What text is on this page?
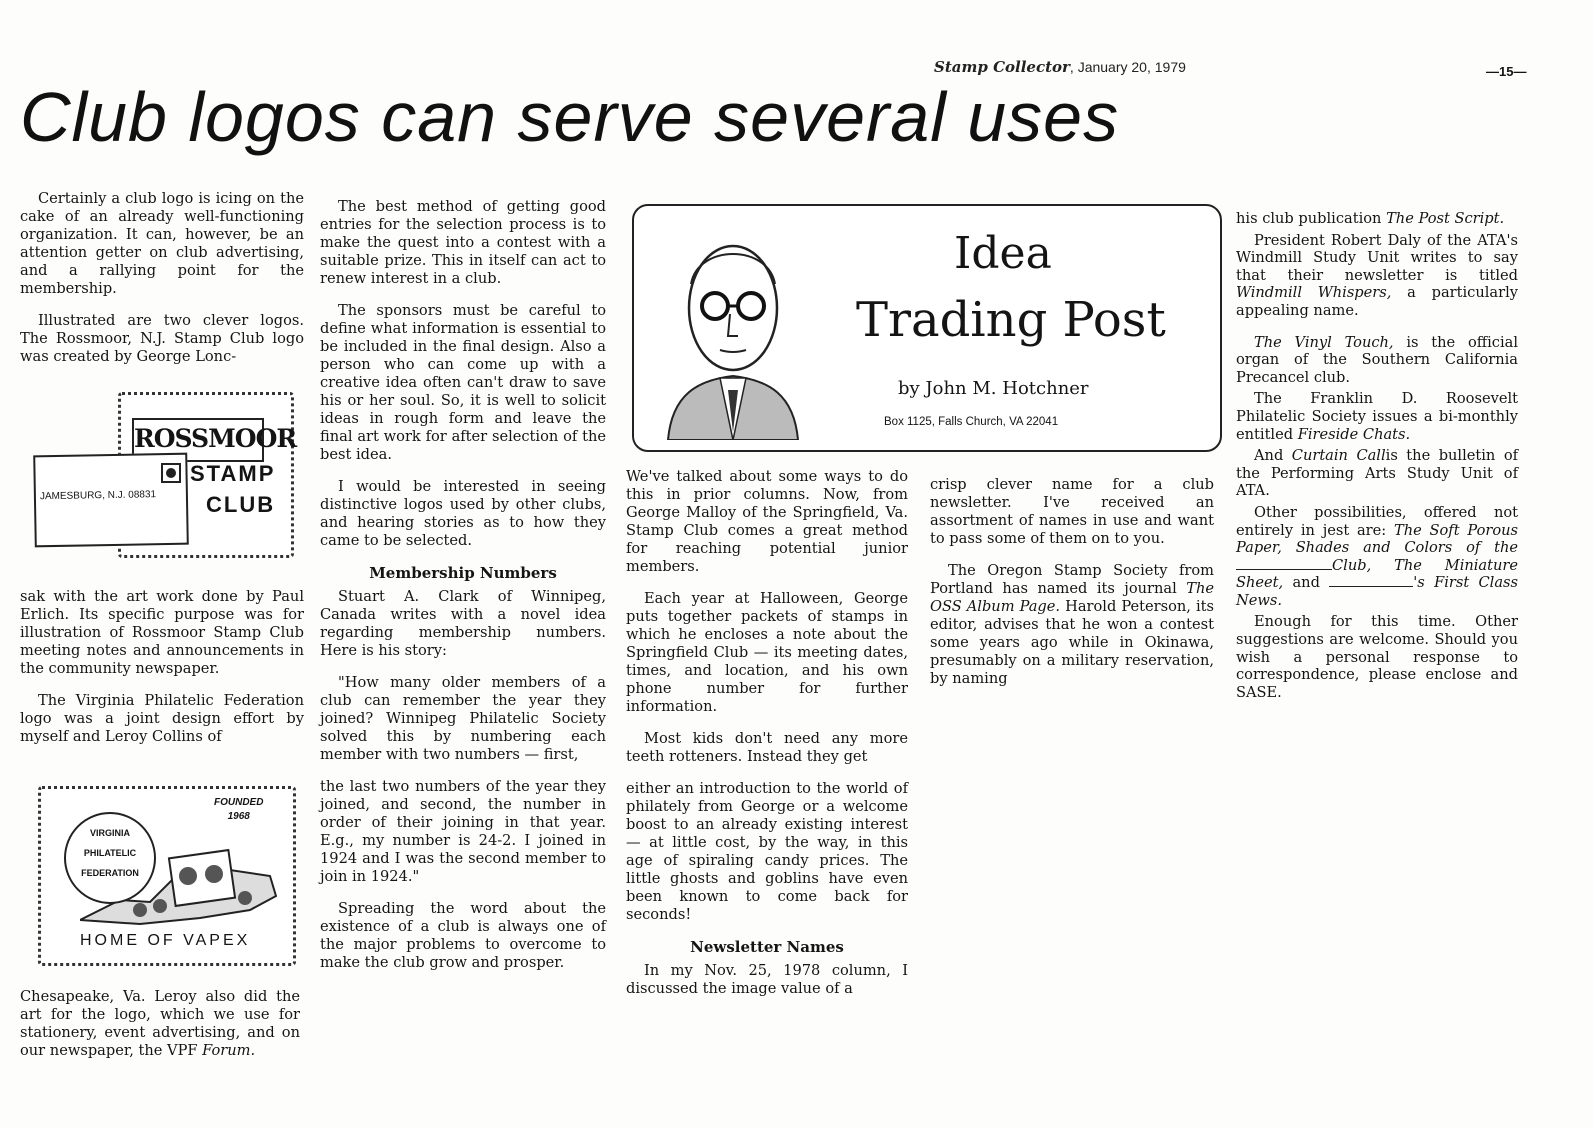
Stamp Collector, January 20, 1979	—15—
Club logos can serve several uses

Certainly a club logo is icing on the cake of an already well-functioning organization. It can, however, be an attention getter on club advertising, and a rallying point for the membership.

Illustrated are two clever logos. The Rossmoor, N.J. Stamp Club logo was created by George Lonc-

ROSSMOOR
JAMESBURG, N.J. 08831
STAMP
CLUB

sak with the art work done by Paul Erlich. Its specific purpose was for illustration of Rossmoor Stamp Club meeting notes and announcements in the community newspaper.

The Virginia Philatelic Federation logo was a joint design effort by myself and Leroy Collins of

VIRGINIA
PHILATELIC
FEDERATION
FOUNDED
1968
HOME OF VAPEX

Chesapeake, Va. Leroy also did the art for the logo, which we use for stationery, event advertising, and on our newspaper, the VPF Forum.

The best method of getting good entries for the selection process is to make the quest into a contest with a suitable prize. This in itself can act to renew interest in a club.

The sponsors must be careful to define what information is essential to be included in the final design. Also a person who can come up with a creative idea often can't draw to save his or her soul. So, it is well to solicit ideas in rough form and leave the final art work for after selection of the best idea.

I would be interested in seeing distinctive logos used by other clubs, and hearing stories as to how they came to be selected.

Membership Numbers

Stuart A. Clark of Winnipeg, Canada writes with a novel idea regarding membership numbers. Here is his story:

"How many older members of a club can remember the year they joined? Winnipeg Philatelic Society solved this by numbering each member with two numbers — first,

the last two numbers of the year they joined, and second, the number in order of their joining in that year. E.g., my number is 24-2. I joined in 1924 and I was the second member to join in 1924."

Spreading the word about the existence of a club is always one of the major problems to overcome to make the club grow and prosper.

Idea
Trading Post
by John M. Hotchner
Box 1125, Falls Church, VA 22041

We've talked about some ways to do this in prior columns. Now, from George Malloy of the Springfield, Va. Stamp Club comes a great method for reaching potential junior members.

Each year at Halloween, George puts together packets of stamps in which he encloses a note about the Springfield Club — its meeting dates, times, and location, and his own phone number for further information.

Most kids don't need any more teeth rotteners. Instead they get

either an introduction to the world of philately from George or a welcome boost to an already existing interest — at little cost, by the way, in this age of spiraling candy prices. The little ghosts and goblins have even been known to come back for seconds!

Newsletter Names

In my Nov. 25, 1978 column, I discussed the image value of a

crisp clever name for a club newsletter. I've received an assortment of names in use and want to pass some of them on to you.

The Oregon Stamp Society from Portland has named its journal The OSS Album Page. Harold Peterson, its editor, advises that he won a contest some years ago while in Okinawa, presumably on a military reservation, by naming

his club publication The Post Script.

President Robert Daly of the ATA's Windmill Study Unit writes to say that their newsletter is titled Windmill Whispers, a particularly appealing name.

The Vinyl Touch, is the official organ of the Southern California Precancel club.

The Franklin D. Roosevelt Philatelic Society issues a bi-monthly entitled Fireside Chats.

And Curtain Callis the bulletin of the Performing Arts Study Unit of ATA.

Other possibilities, offered not entirely in jest are: The Soft Porous Paper, Shades and Colors of theClub, The Miniature Sheet, and	's First Class News.

Enough for this time. Other suggestions are welcome. Should you wish a personal response to correspondence, please enclose and SASE.
